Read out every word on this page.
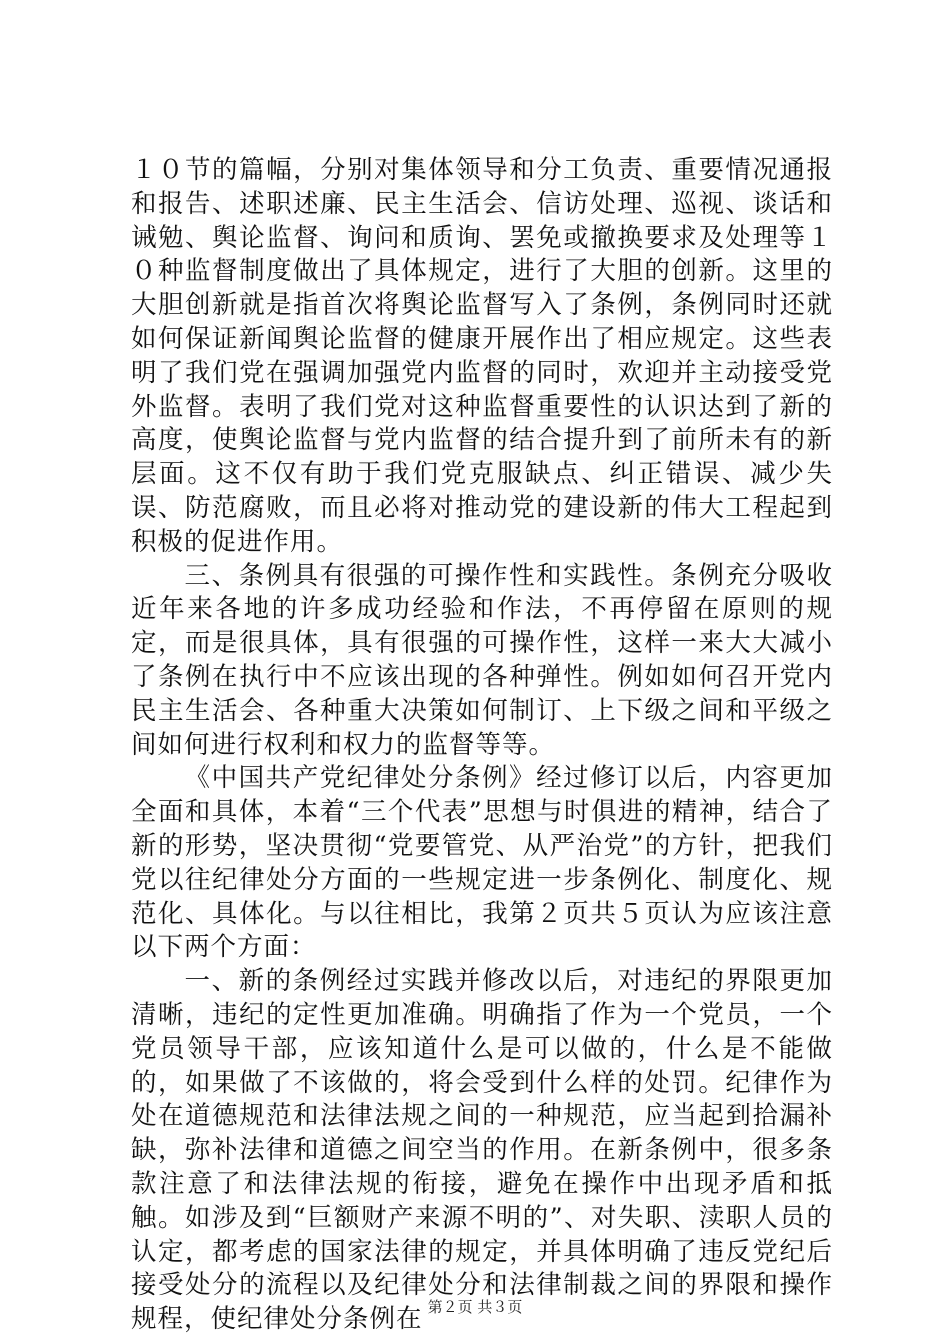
１０节的篇幅，分别对集体领导和分工负责、重要情况通报和报告、述职述廉、民主生活会、信访处理、巡视、谈话和诫勉、舆论监督、询问和质询、罢免或撤换要求及处理等１０种监督制度做出了具体规定，进行了大胆的创新。这里的大胆创新就是指首次将舆论监督写入了条例，条例同时还就如何保证新闻舆论监督的健康开展作出了相应规定。这些表明了我们党在强调加强党内监督的同时，欢迎并主动接受党外监督。表明了我们党对这种监督重要性的认识达到了新的高度，使舆论监督与党内监督的结合提升到了前所未有的新层面。这不仅有助于我们党克服缺点、纠正错误、减少失误、防范腐败，而且必将对推动党的建设新的伟大工程起到积极的促进作用。

三、条例具有很强的可操作性和实践性。条例充分吸收近年来各地的许多成功经验和作法，不再停留在原则的规定，而是很具体，具有很强的可操作性，这样一来大大减小了条例在执行中不应该出现的各种弹性。例如如何召开党内民主生活会、各种重大决策如何制订、上下级之间和平级之间如何进行权利和权力的监督等等。

《中国共产党纪律处分条例》经过修订以后，内容更加全面和具体，本着“三个代表”思想与时俱进的精神，结合了新的形势，坚决贯彻“党要管党、从严治党”的方针，把我们党以往纪律处分方面的一些规定进一步条例化、制度化、规范化、具体化。与以往相比，我第２页共５页认为应该注意以下两个方面：

一、新的条例经过实践并修改以后，对违纪的界限更加清晰，违纪的定性更加准确。明确指了作为一个党员，一个党员领导干部，应该知道什么是可以做的，什么是不能做的，如果做了不该做的，将会受到什么样的处罚。纪律作为处在道德规范和法律法规之间的一种规范，应当起到拾漏补缺，弥补法律和道德之间空当的作用。在新条例中，很多条款注意了和法律法规的衔接，避免在操作中出现矛盾和抵触。如涉及到“巨额财产来源不明的”、对失职、渎职人员的认定，都考虑的国家法律的规定，并具体明确了违反党纪后接受处分的流程以及纪律处分和法律制裁之间的界限和操作规程，使纪律处分条例在 第２页 共３页
